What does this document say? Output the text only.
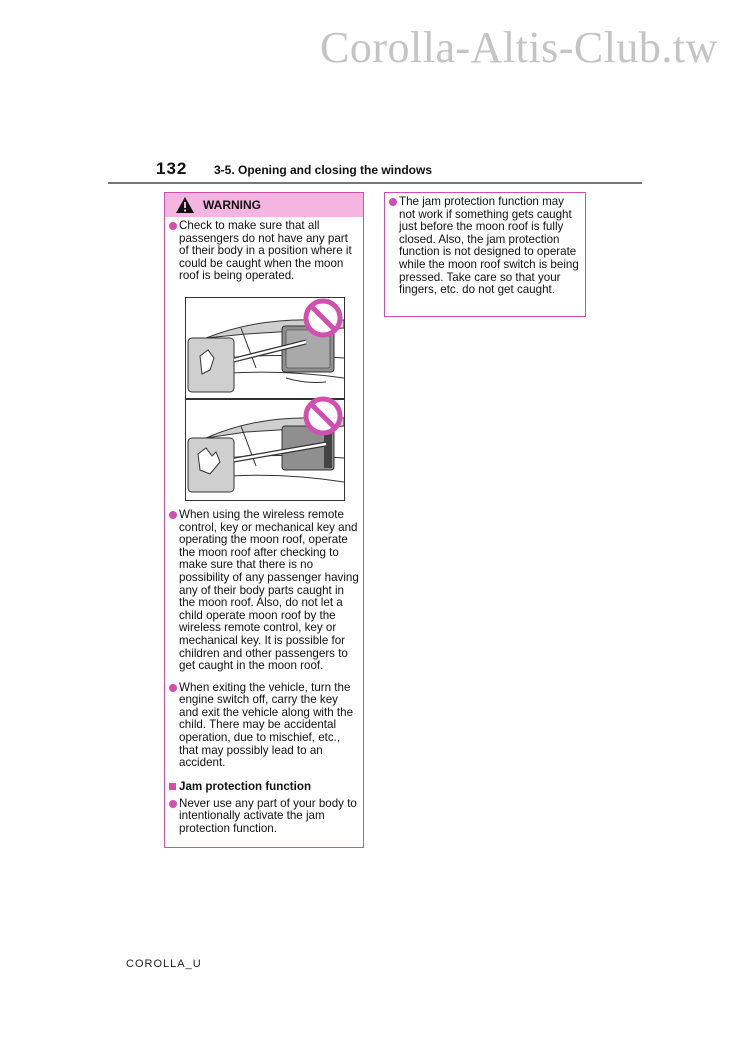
Corolla-Altis-Club.tw
132 3-5. Opening and closing the windows
WARNING
Check to make sure that all passengers do not have any part of their body in a position where it could be caught when the moon roof is being operated.
When using the wireless remote control, key or mechanical key and operating the moon roof, operate the moon roof after checking to make sure that there is no possibility of any passenger having any of their body parts caught in the moon roof. Also, do not let a child operate moon roof by the wireless remote control, key or mechanical key. It is possible for children and other passengers to get caught in the moon roof.
When exiting the vehicle, turn the engine switch off, carry the key and exit the vehicle along with the child. There may be accidental operation, due to mischief, etc., that may possibly lead to an accident.
Jam protection function
Never use any part of your body to intentionally activate the jam protection function.
The jam protection function may not work if something gets caught just before the moon roof is fully closed. Also, the jam protection function is not designed to operate while the moon roof switch is being pressed. Take care so that your fingers, etc. do not get caught.
COROLLA_U
